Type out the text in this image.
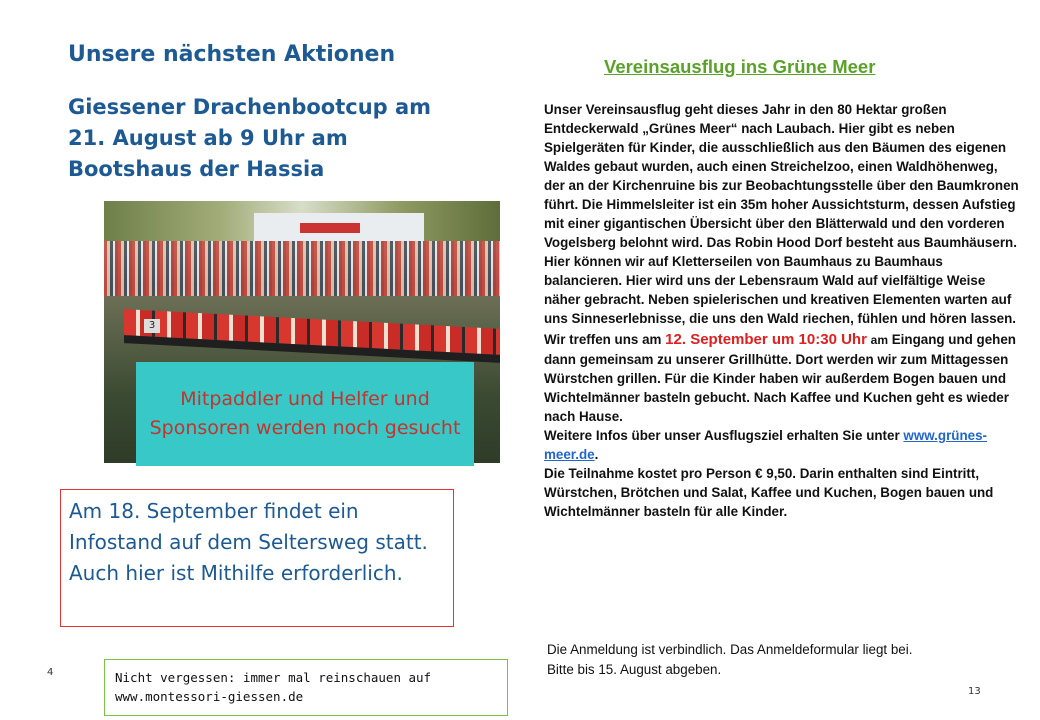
Unsere nächsten Aktionen
Giessener Drachenbootcup am 21. August ab 9 Uhr am Bootshaus der Hassia
3
Mitpaddler und Helfer und Sponsoren werden noch gesucht
Am 18. September findet ein Infostand auf dem Seltersweg statt. Auch hier ist Mithilfe erforderlich.
4	Nicht vergessen: immer mal reinschauen auf
www.montessori-giessen.de
Vereinsausflug ins Grüne Meer

Unser Vereinsausflug geht dieses Jahr in den 80 Hektar großen Entdeckerwald „Grünes Meer“ nach Laubach. Hier gibt es neben Spielgeräten für Kinder, die ausschließlich aus den Bäumen des eigenen Waldes gebaut wurden, auch einen Streichelzoo, einen Waldhöhenweg, der an der Kirchenruine bis zur Beobachtungsstelle über den Baumkronen führt. Die Himmelsleiter ist ein 35m hoher Aussichtsturm, dessen Aufstieg mit einer gigantischen Übersicht über den Blätterwald und den vorderen Vogelsberg belohnt wird. Das Robin Hood Dorf besteht aus Baumhäusern. Hier können wir auf Kletterseilen von Baumhaus zu Baumhaus balancieren. Hier wird uns der Lebensraum Wald auf vielfältige Weise näher gebracht. Neben spielerischen und kreativen Elementen warten auf uns Sinneserlebnisse, die uns den Wald riechen, fühlen und hören lassen.

Wir treffen uns am 12. September um 10:30 Uhr am Eingang und gehen dann gemeinsam zu unserer Grillhütte. Dort werden wir zum Mittagessen Würstchen grillen. Für die Kinder haben wir außerdem Bogen bauen und Wichtelmänner basteln gebucht. Nach Kaffee und Kuchen geht es wieder nach Hause.

Weitere Infos über unser Ausflugsziel erhalten Sie unter www.grünes-meer.de.

Die Teilnahme kostet pro Person € 9,50. Darin enthalten sind Eintritt, Würstchen, Brötchen und Salat, Kaffee und Kuchen, Bogen bauen und Wichtelmänner basteln für alle Kinder.

Die Anmeldung ist verbindlich. Das Anmeldeformular liegt bei.
Bitte bis 15. August abgeben.
13
